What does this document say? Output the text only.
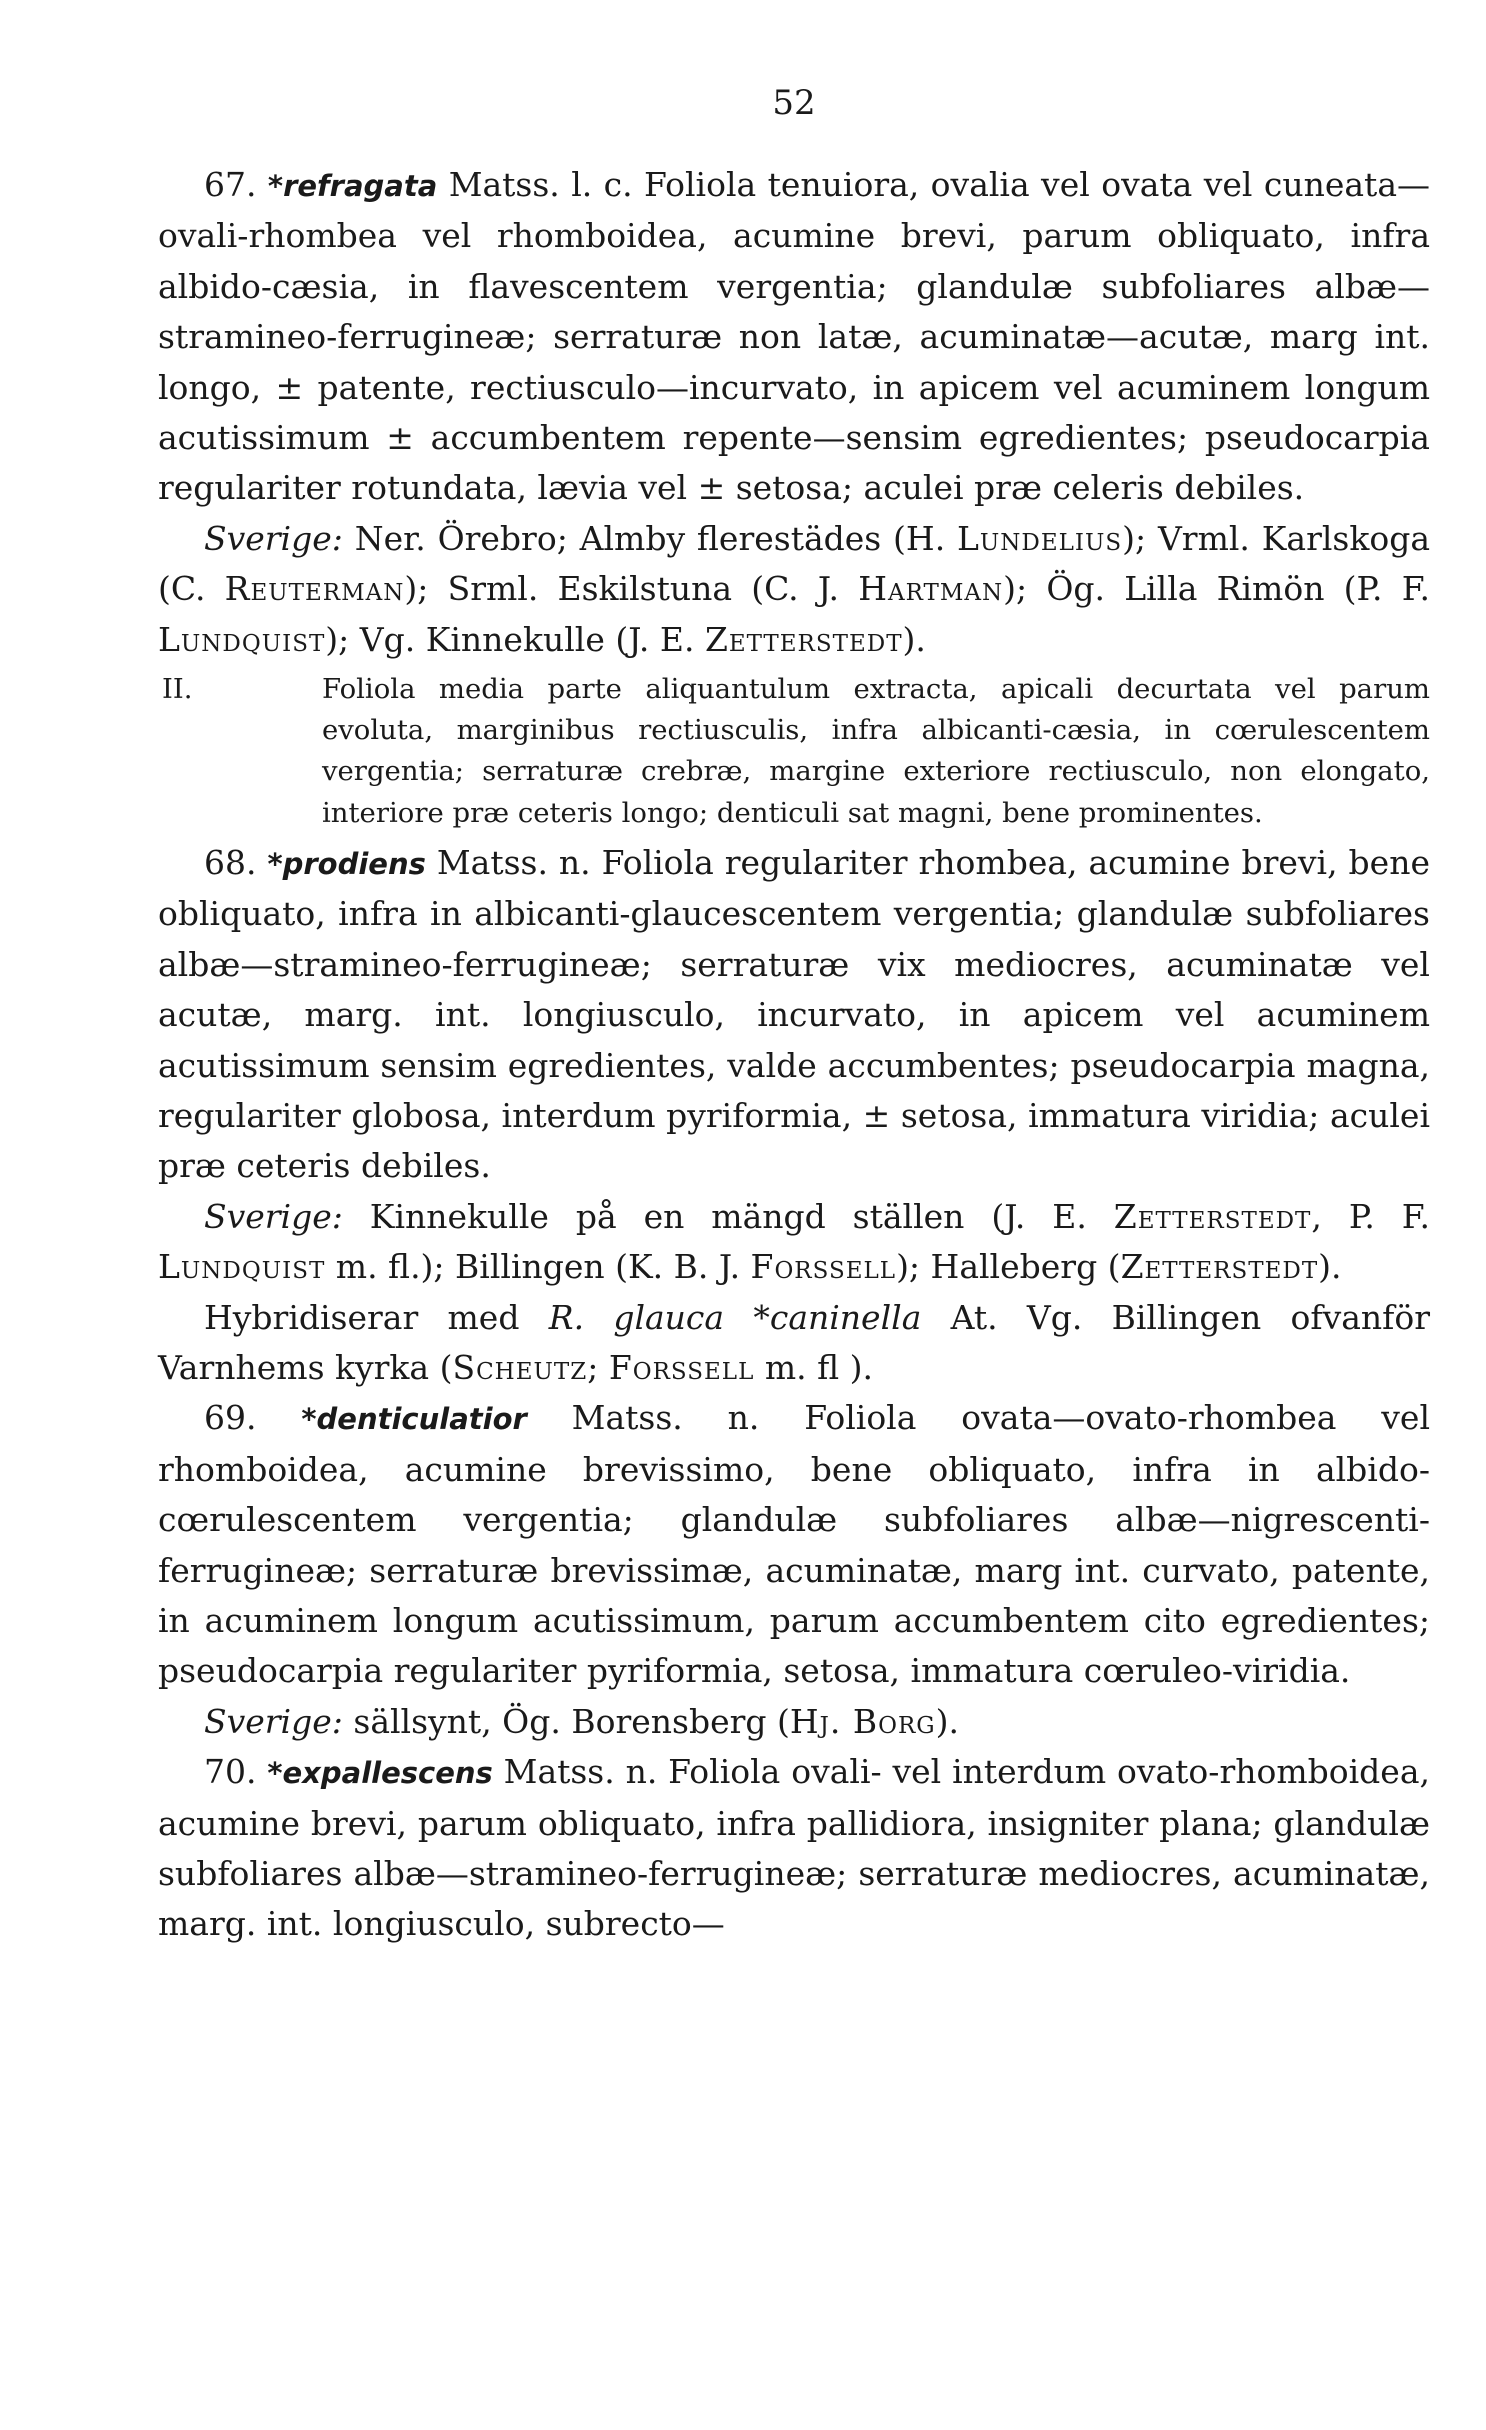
52

67. *refragata Matss. l. c. Foliola tenuiora, ovalia vel ovata vel cuneata—ovali-rhombea vel rhomboidea, acumine brevi, parum obliquato, infra albido-cæsia, in flavescentem vergentia; glandulæ subfoliares albæ—stramineo-ferrugineæ; serraturæ non latæ, acuminatæ—acutæ, marg int. longo, ± patente, rectiusculo—incurvato, in apicem vel acuminem longum acutissimum ± accumbentem repente—sensim egredientes; pseudocarpia regulariter rotundata, lævia vel ± setosa; aculei præ celeris debiles.

Sverige: Ner. Örebro; Almby flerestädes (H. Lundelius); Vrml. Karlskoga (C. Reuterman); Srml. Eskilstuna (C. J. Hartman); Ög. Lilla Rimön (P. F. Lundquist); Vg. Kinnekulle (J. E. Zetterstedt).

II.	Foliola media parte aliquantulum extracta, apicali decurtata vel parum evoluta, marginibus rectiusculis, infra albicanti-cæsia, in cœrulescentem vergentia; serraturæ crebræ, margine exteriore rectiusculo, non elongato, interiore præ ceteris longo; denticuli sat magni, bene prominentes.

68. *prodiens Matss. n. Foliola regulariter rhombea, acumine brevi, bene obliquato, infra in albicanti-glaucescentem vergentia; glandulæ subfoliares albæ—stramineo-ferrugineæ; serraturæ vix mediocres, acuminatæ vel acutæ, marg. int. longiusculo, incurvato, in apicem vel acuminem acutissimum sensim egredientes, valde accumbentes; pseudocarpia magna, regulariter globosa, interdum pyriformia, ± setosa, immatura viridia; aculei præ ceteris debiles.

Sverige: Kinnekulle på en mängd ställen (J. E. Zetterstedt, P. F. Lundquist m. fl.); Billingen (K. B. J. Forssell); Halleberg (Zetterstedt).

Hybridiserar med R. glauca *caninella At. Vg. Billingen ofvanför Varnhems kyrka (Scheutz; Forssell m. fl ).

69. *denticulatior Matss. n. Foliola ovata—ovato-rhombea vel rhomboidea, acumine brevissimo, bene obliquato, infra in albido-cœrulescentem vergentia; glandulæ subfoliares albæ—nigrescenti-ferrugineæ; serraturæ brevissimæ, acuminatæ, marg int. curvato, patente, in acuminem longum acutissimum, parum accumbentem cito egredientes; pseudocarpia regulariter pyriformia, setosa, immatura cœruleo-viridia.

Sverige: sällsynt, Ög. Borensberg (Hj. Borg).

70. *expallescens Matss. n. Foliola ovali- vel interdum ovato-rhomboidea, acumine brevi, parum obliquato, infra pallidiora, insigniter plana; glandulæ subfoliares albæ—stramineo-ferrugineæ; serraturæ mediocres, acuminatæ, marg. int. longiusculo, subrecto—
